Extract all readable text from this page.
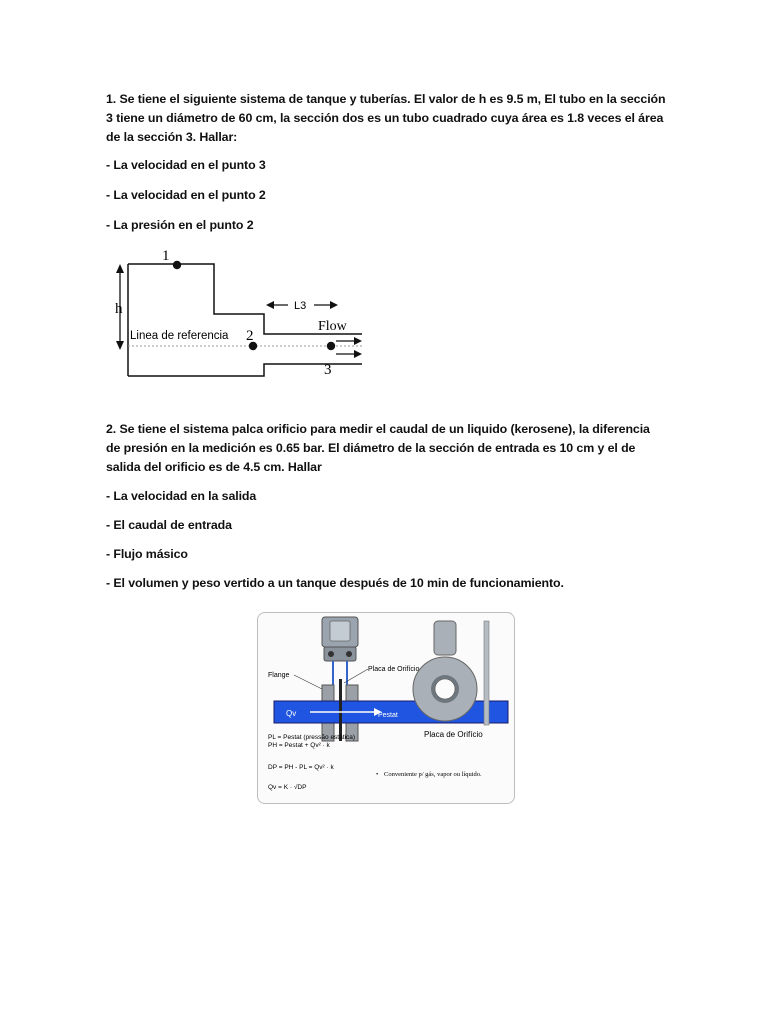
1. Se tiene el siguiente sistema de tanque y tuberías. El valor de h es 9.5 m, El tubo en la sección 3 tiene un diámetro de 60 cm, la sección dos es un tubo cuadrado cuya área es 1.8 veces el área de la sección 3. Hallar:
- La velocidad en el punto 3
- La velocidad en el punto 2
- La presión en el punto 2
h
1
Linea de referencia 2
3
L3
Flow
2. Se tiene el sistema palca orificio para medir el caudal de un liquido (kerosene), la diferencia de presión en la medición es 0.65 bar. El diámetro de la sección de entrada es 10 cm y el de salida del orificio es de 4.5 cm. Hallar
- La velocidad en la salida
- El caudal de entrada
- Flujo másico
- El volumen y peso vertido a un tanque después de 10 min de funcionamiento.
Qv	Pestat
Flange
Placa de Orifício
PL = Pestat (pressão estática)
PH = Pestat + Qv² · k
DP = PH - PL = Qv² · k
Qv = K · √DP
• Conveniente p/ gás, vapor ou líquido.
Placa de Orifício
